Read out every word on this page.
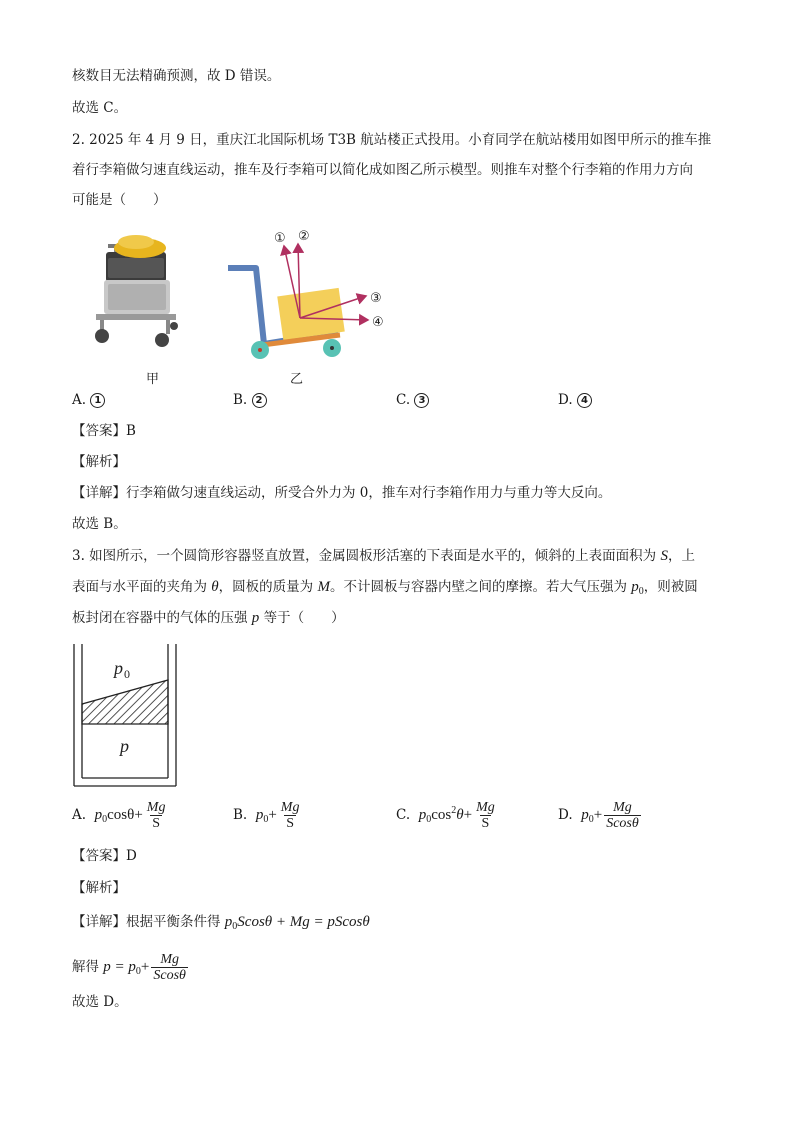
核数目无法精确预测，故 D 错误。
故选 C。
2. 2025 年 4 月 9 日，重庆江北国际机场 T3B 航站楼正式投用。小育同学在航站楼用如图甲所示的推车推
着行李箱做匀速直线运动，推车及行李箱可以简化成如图乙所示模型。则推车对整个行李箱的作用力方向
可能是（　　）
甲
① ②
③
④
乙
A. 1	B. 2	C. 3	D. 4
【答案】B
【解析】
【详解】行李箱做匀速直线运动，所受合外力为 0，推车对行李箱作用力与重力等大反向。
故选 B。
3. 如图所示，一个圆筒形容器竖直放置，金属圆板形活塞的下表面是水平的，倾斜的上表面面积为 S，上
表面与水平面的夹角为 θ，圆板的质量为 M。不计圆板与容器内壁之间的摩擦。若大气压强为 $p_0$，则被圆
板封闭在容器中的气体的压强 p 等于（　　）
p 0
p
A. $p_0\cos\theta+ \frac{Mg}{S}$	B. $p_0+ \frac{Mg}{S}$	C. $p_0\cos^2\theta+ \frac{Mg}{S}$	D. $p_0+ \frac{Mg}{Scos\theta}$
【答案】D
【解析】
【详解】根据平衡条件得 $p_0Scos\theta + Mg = pScos\theta$
解得 $p = p_0+ \frac{Mg}{Scos\theta}$
故选 D。
